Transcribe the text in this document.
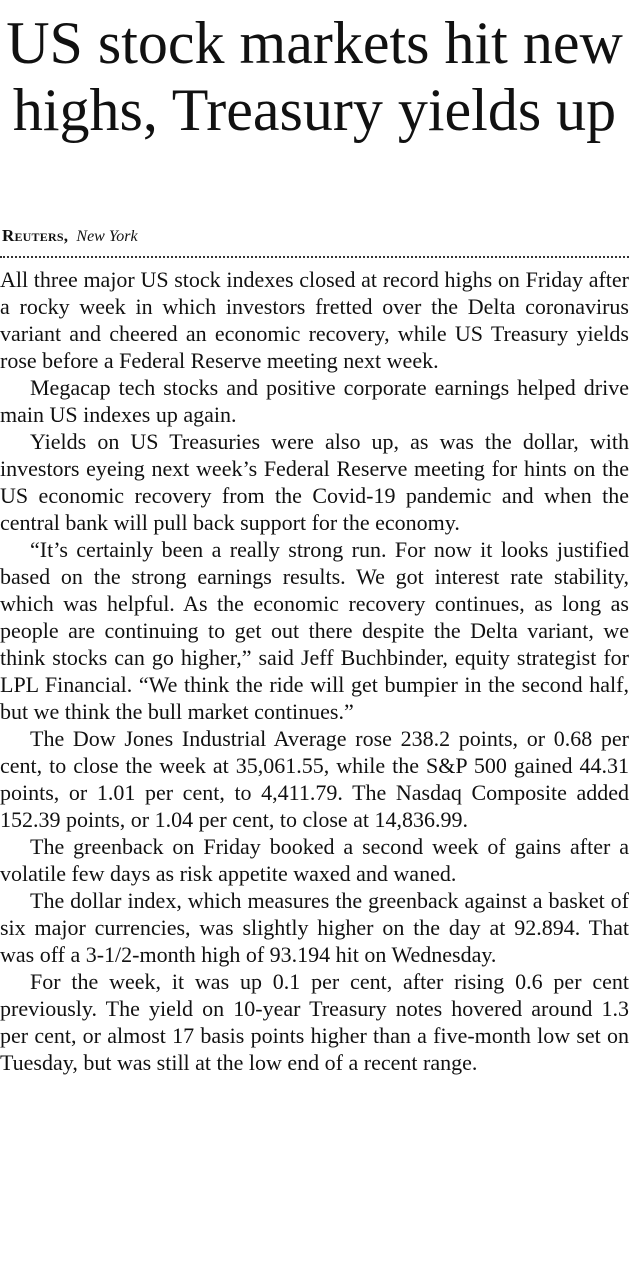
US stock markets hit new highs, Treasury yields up
Reuters, New York

All three major US stock indexes closed at record highs on Friday after a rocky week in which investors fretted over the Delta coronavirus variant and cheered an economic recovery, while US Treasury yields rose before a Federal Reserve meeting next week.

Megacap tech stocks and positive corporate earnings helped drive main US indexes up again.

Yields on US Treasuries were also up, as was the dollar, with investors eyeing next week’s Federal Reserve meeting for hints on the US economic recovery from the Covid-19 pandemic and when the central bank will pull back support for the economy.

“It’s certainly been a really strong run. For now it looks justified based on the strong earnings results. We got interest rate stability, which was helpful. As the economic recovery continues, as long as people are continuing to get out there despite the Delta variant, we think stocks can go higher,” said Jeff Buchbinder, equity strategist for LPL Financial. “We think the ride will get bumpier in the second half, but we think the bull market continues.”

The Dow Jones Industrial Average rose 238.2 points, or 0.68 per cent, to close the week at 35,061.55, while the S&P 500 gained 44.31 points, or 1.01 per cent, to 4,411.79. The Nasdaq Composite added 152.39 points, or 1.04 per cent, to close at 14,836.99.

The greenback on Friday booked a second week of gains after a volatile few days as risk appetite waxed and waned.

The dollar index, which measures the greenback against a basket of six major currencies, was slightly higher on the day at 92.894. That was off a 3-1/2-month high of 93.194 hit on Wednesday.

For the week, it was up 0.1 per cent, after rising 0.6 per cent previously. The yield on 10-year Treasury notes hovered around 1.3 per cent, or almost 17 basis points higher than a five-month low set on Tuesday, but was still at the low end of a recent range.
